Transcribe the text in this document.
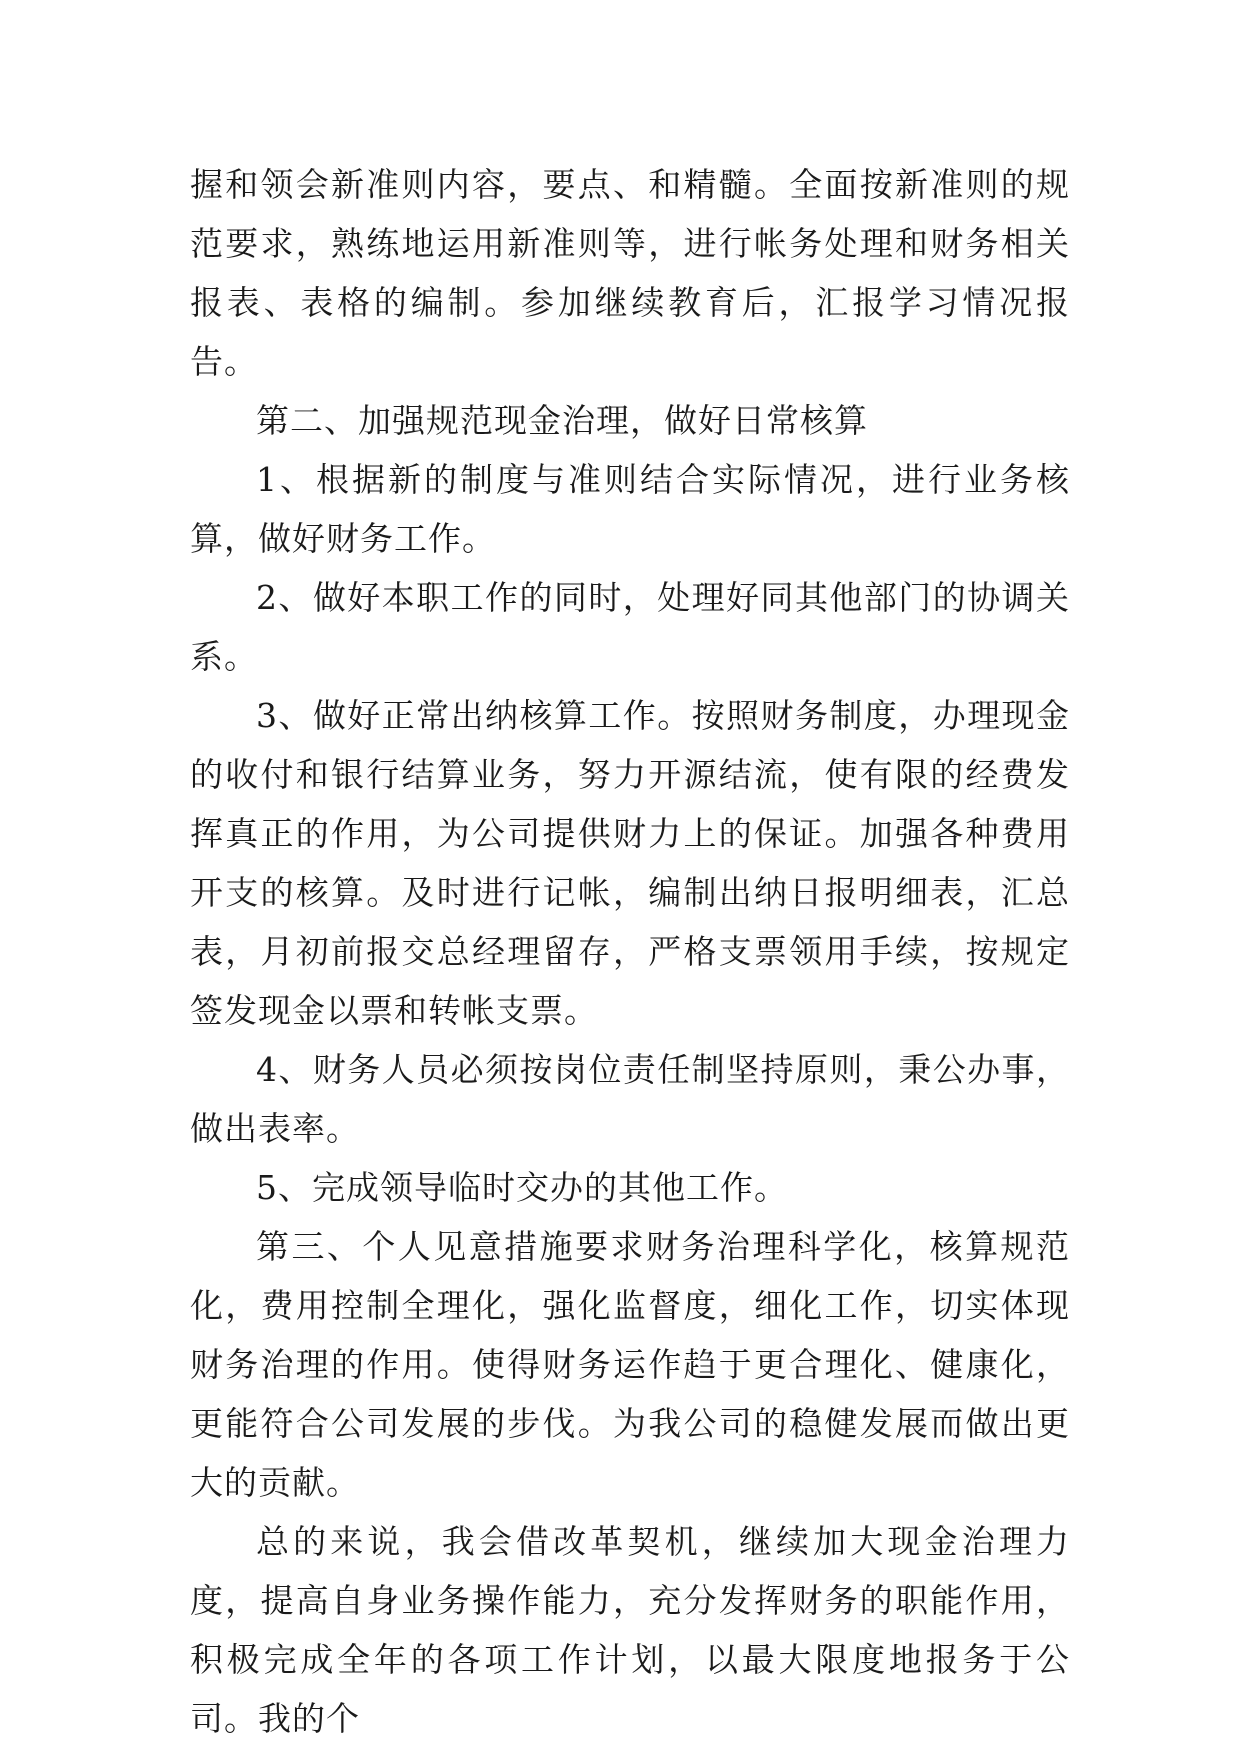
握和领会新准则内容，要点、和精髓。全面按新准则的规范要求，熟练地运用新准则等，进行帐务处理和财务相关报表、表格的编制。参加继续教育后，汇报学习情况报告。

第二、加强规范现金治理，做好日常核算

1、根据新的制度与准则结合实际情况，进行业务核算，做好财务工作。

2、做好本职工作的同时，处理好同其他部门的协调关系。

3、做好正常出纳核算工作。按照财务制度，办理现金的收付和银行结算业务，努力开源结流，使有限的经费发挥真正的作用，为公司提供财力上的保证。加强各种费用开支的核算。及时进行记帐，编制出纳日报明细表，汇总表，月初前报交总经理留存，严格支票领用手续，按规定签发现金以票和转帐支票。

4、财务人员必须按岗位责任制坚持原则，秉公办事，做出表率。

5、完成领导临时交办的其他工作。

第三、个人见意措施要求财务治理科学化，核算规范化，费用控制全理化，强化监督度，细化工作，切实体现财务治理的作用。使得财务运作趋于更合理化、健康化，更能符合公司发展的步伐。为我公司的稳健发展而做出更大的贡献。

总的来说，我会借改革契机，继续加大现金治理力度，提高自身业务操作能力，充分发挥财务的职能作用，积极完成全年的各项工作计划，以最大限度地报务于公司。我的个
